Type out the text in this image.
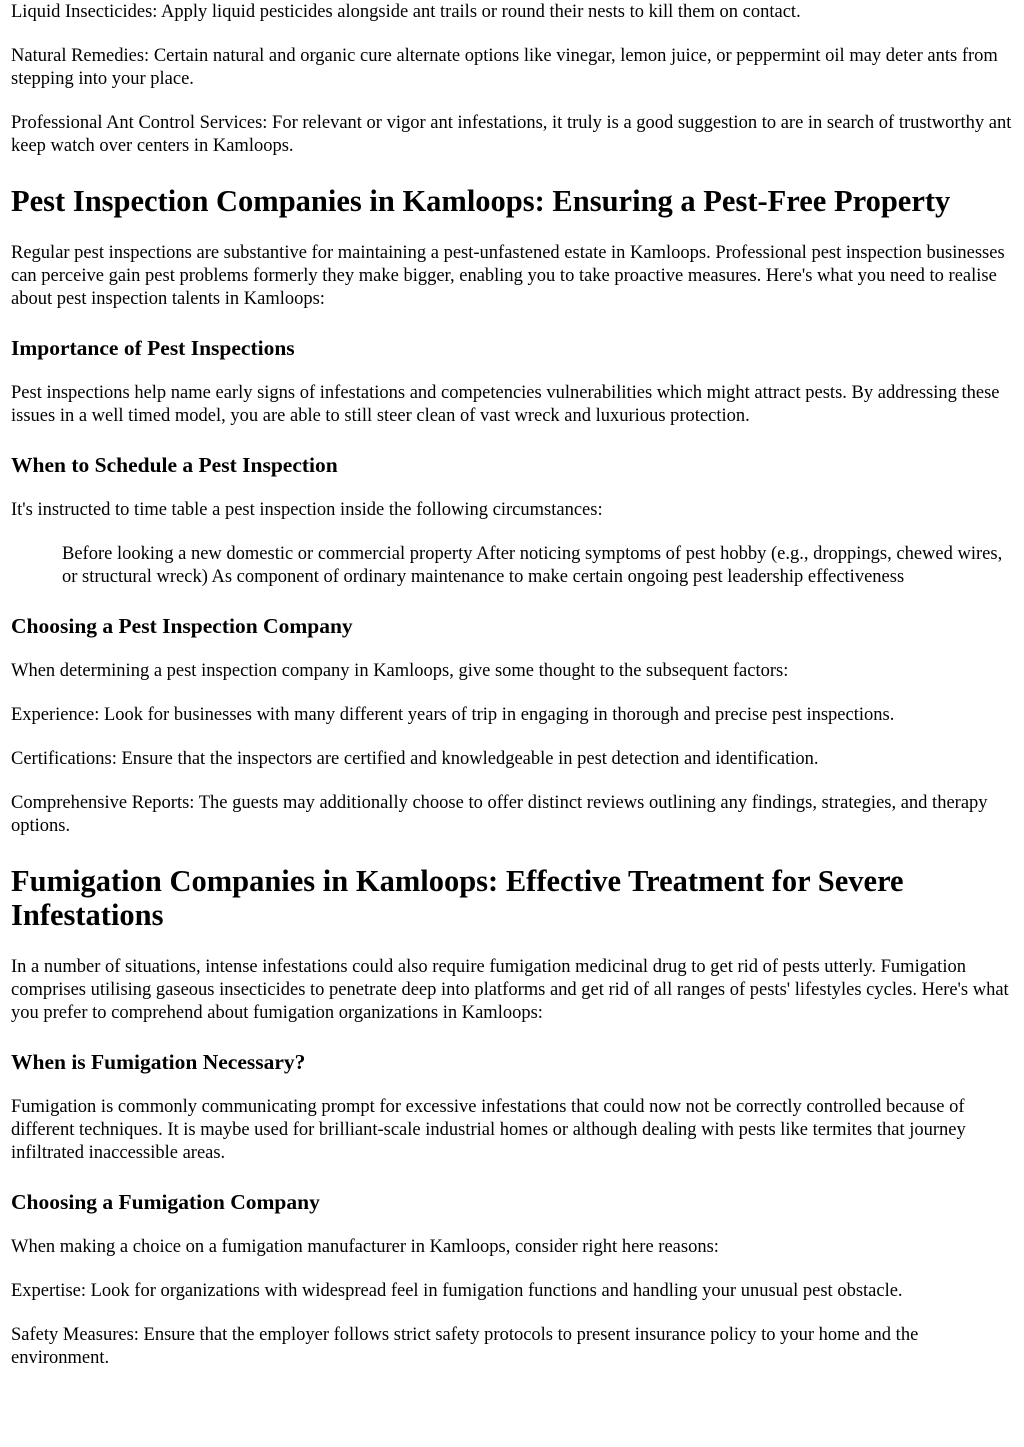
Liquid Insecticides: Apply liquid pesticides alongside ant trails or round their nests to kill them on contact.

Natural Remedies: Certain natural and organic cure alternate options like vinegar, lemon juice, or peppermint oil may deter ants from stepping into your place.

Professional Ant Control Services: For relevant or vigor ant infestations, it truly is a good suggestion to are in search of trustworthy ant keep watch over centers in Kamloops.

Pest Inspection Companies in Kamloops: Ensuring a Pest-Free Property

Regular pest inspections are substantive for maintaining a pest-unfastened estate in Kamloops. Professional pest inspection businesses can perceive gain pest problems formerly they make bigger, enabling you to take proactive measures. Here's what you need to realise about pest inspection talents in Kamloops:

Importance of Pest Inspections

Pest inspections help name early signs of infestations and competencies vulnerabilities which might attract pests. By addressing these issues in a well timed model, you are able to still steer clean of vast wreck and luxurious protection.

When to Schedule a Pest Inspection

It's instructed to time table a pest inspection inside the following circumstances:

Before looking a new domestic or commercial property After noticing symptoms of pest hobby (e.g., droppings, chewed wires, or structural wreck) As component of ordinary maintenance to make certain ongoing pest leadership effectiveness
Choosing a Pest Inspection Company

When determining a pest inspection company in Kamloops, give some thought to the subsequent factors:

Experience: Look for businesses with many different years of trip in engaging in thorough and precise pest inspections.

Certifications: Ensure that the inspectors are certified and knowledgeable in pest detection and identification.

Comprehensive Reports: The guests may additionally choose to offer distinct reviews outlining any findings, strategies, and therapy options.

Fumigation Companies in Kamloops: Effective Treatment for Severe Infestations

In a number of situations, intense infestations could also require fumigation medicinal drug to get rid of pests utterly. Fumigation comprises utilising gaseous insecticides to penetrate deep into platforms and get rid of all ranges of pests' lifestyles cycles. Here's what you prefer to comprehend about fumigation organizations in Kamloops:

When is Fumigation Necessary?

Fumigation is commonly communicating prompt for excessive infestations that could now not be correctly controlled because of different techniques. It is maybe used for brilliant-scale industrial homes or although dealing with pests like termites that journey infiltrated inaccessible areas.

Choosing a Fumigation Company

When making a choice on a fumigation manufacturer in Kamloops, consider right here reasons:

Expertise: Look for organizations with widespread feel in fumigation functions and handling your unusual pest obstacle.

Safety Measures: Ensure that the employer follows strict safety protocols to present insurance policy to your home and the environment.
